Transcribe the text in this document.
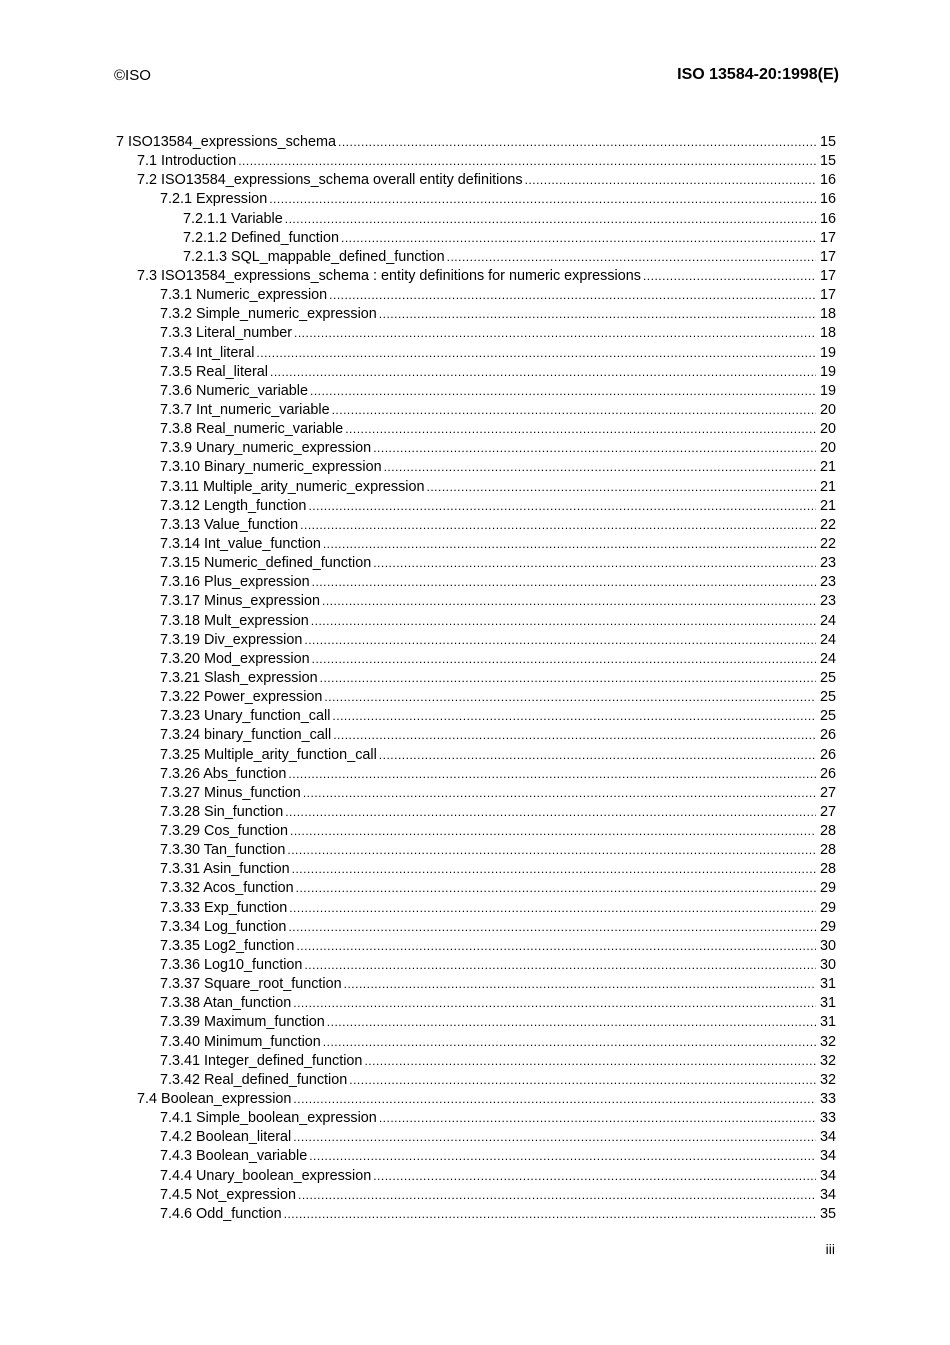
©ISO	ISO 13584-20:1998(E)
7 ISO13584_expressions_schema .....	15
7.1 Introduction .....	15
7.2 ISO13584_expressions_schema overall entity definitions .....	16
7.2.1 Expression .....	16
7.2.1.1 Variable .....	16
7.2.1.2 Defined_function .....	17
7.2.1.3 SQL_mappable_defined_function .....	17
7.3 ISO13584_expressions_schema : entity definitions for numeric expressions .....	17
7.3.1 Numeric_expression .....	17
7.3.2 Simple_numeric_expression .....	18
7.3.3 Literal_number .....	18
7.3.4 Int_literal .....	19
7.3.5 Real_literal .....	19
7.3.6 Numeric_variable .....	19
7.3.7 Int_numeric_variable .....	20
7.3.8 Real_numeric_variable .....	20
7.3.9 Unary_numeric_expression .....	20
7.3.10 Binary_numeric_expression .....	21
7.3.11 Multiple_arity_numeric_expression .....	21
7.3.12 Length_function .....	21
7.3.13 Value_function .....	22
7.3.14 Int_value_function .....	22
7.3.15 Numeric_defined_function .....	23
7.3.16 Plus_expression .....	23
7.3.17 Minus_expression .....	23
7.3.18 Mult_expression .....	24
7.3.19 Div_expression .....	24
7.3.20 Mod_expression .....	24
7.3.21 Slash_expression .....	25
7.3.22 Power_expression .....	25
7.3.23 Unary_function_call .....	25
7.3.24 binary_function_call .....	26
7.3.25 Multiple_arity_function_call .....	26
7.3.26 Abs_function .....	26
7.3.27 Minus_function .....	27
7.3.28 Sin_function .....	27
7.3.29 Cos_function .....	28
7.3.30 Tan_function .....	28
7.3.31 Asin_function .....	28
7.3.32 Acos_function .....	29
7.3.33 Exp_function .....	29
7.3.34 Log_function .....	29
7.3.35 Log2_function .....	30
7.3.36 Log10_function .....	30
7.3.37 Square_root_function .....	31
7.3.38 Atan_function .....	31
7.3.39 Maximum_function .....	31
7.3.40 Minimum_function .....	32
7.3.41 Integer_defined_function .....	32
7.3.42 Real_defined_function .....	32
7.4 Boolean_expression .....	33
7.4.1 Simple_boolean_expression .....	33
7.4.2 Boolean_literal .....	34
7.4.3 Boolean_variable .....	34
7.4.4 Unary_boolean_expression .....	34
7.4.5 Not_expression .....	34
7.4.6 Odd_function .....	35
iii
